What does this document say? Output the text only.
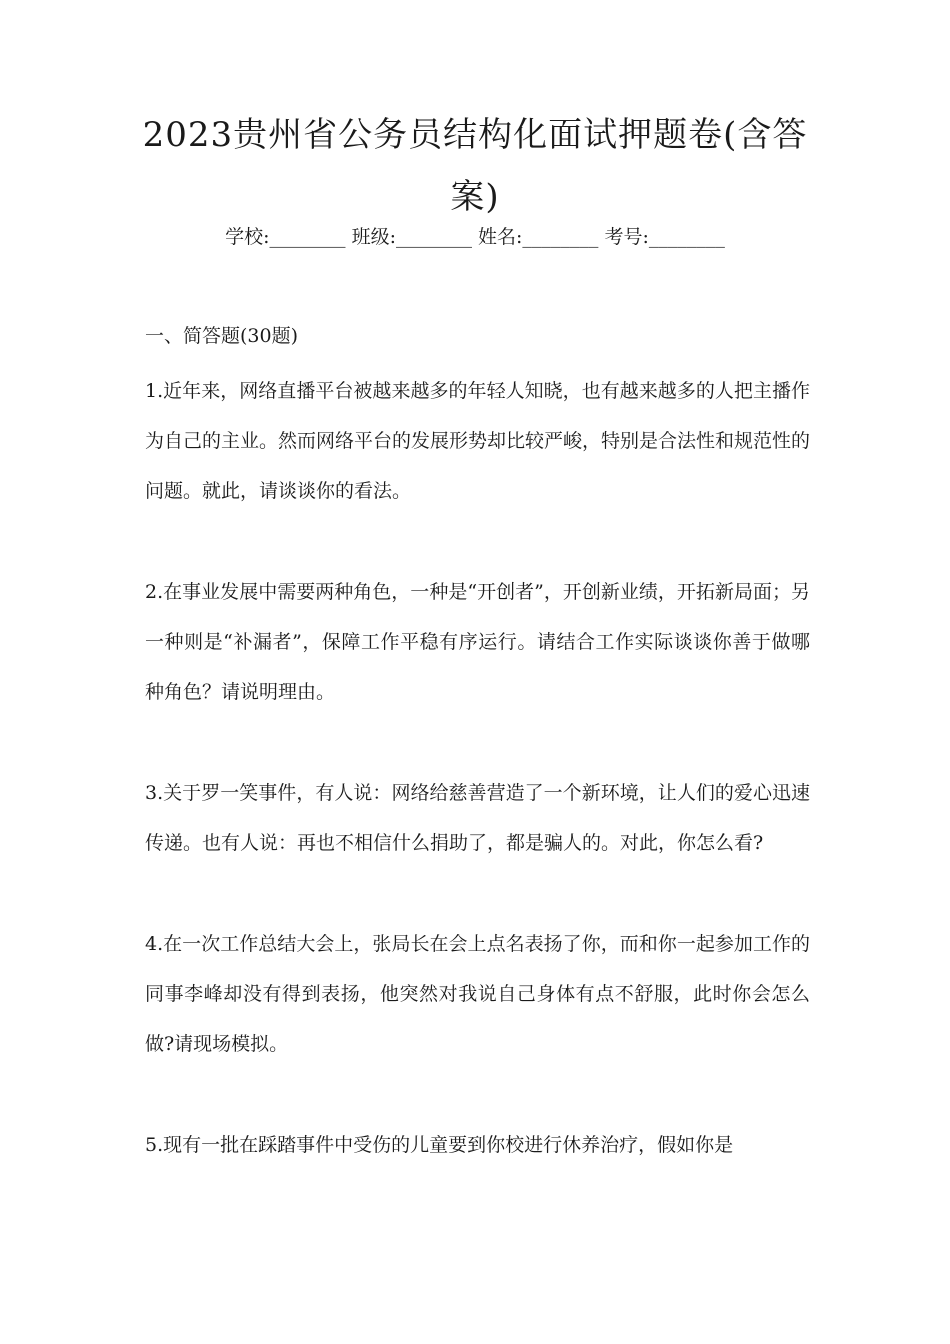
2023贵州省公务员结构化面试押题卷(含答
案)
学校:________ 班级:________ 姓名:________ 考号:________
一、简答题(30题)

1.近年来，网络直播平台被越来越多的年轻人知晓，也有越来越多的人把主播作为自己的主业。然而网络平台的发展形势却比较严峻，特别是合法性和规范性的问题。就此，请谈谈你的看法。

2.在事业发展中需要两种角色，一种是“开创者”，开创新业绩，开拓新局面；另一种则是“补漏者”，保障工作平稳有序运行。请结合工作实际谈谈你善于做哪种角色？请说明理由。

3.关于罗一笑事件，有人说：网络给慈善营造了一个新环境，让人们的爱心迅速传递。也有人说：再也不相信什么捐助了，都是骗人的。对此，你怎么看?

4.在一次工作总结大会上，张局长在会上点名表扬了你，而和你一起参加工作的同事李峰却没有得到表扬，他突然对我说自己身体有点不舒服，此时你会怎么做?请现场模拟。

5.现有一批在踩踏事件中受伤的儿童要到你校进行休养治疗，假如你是
